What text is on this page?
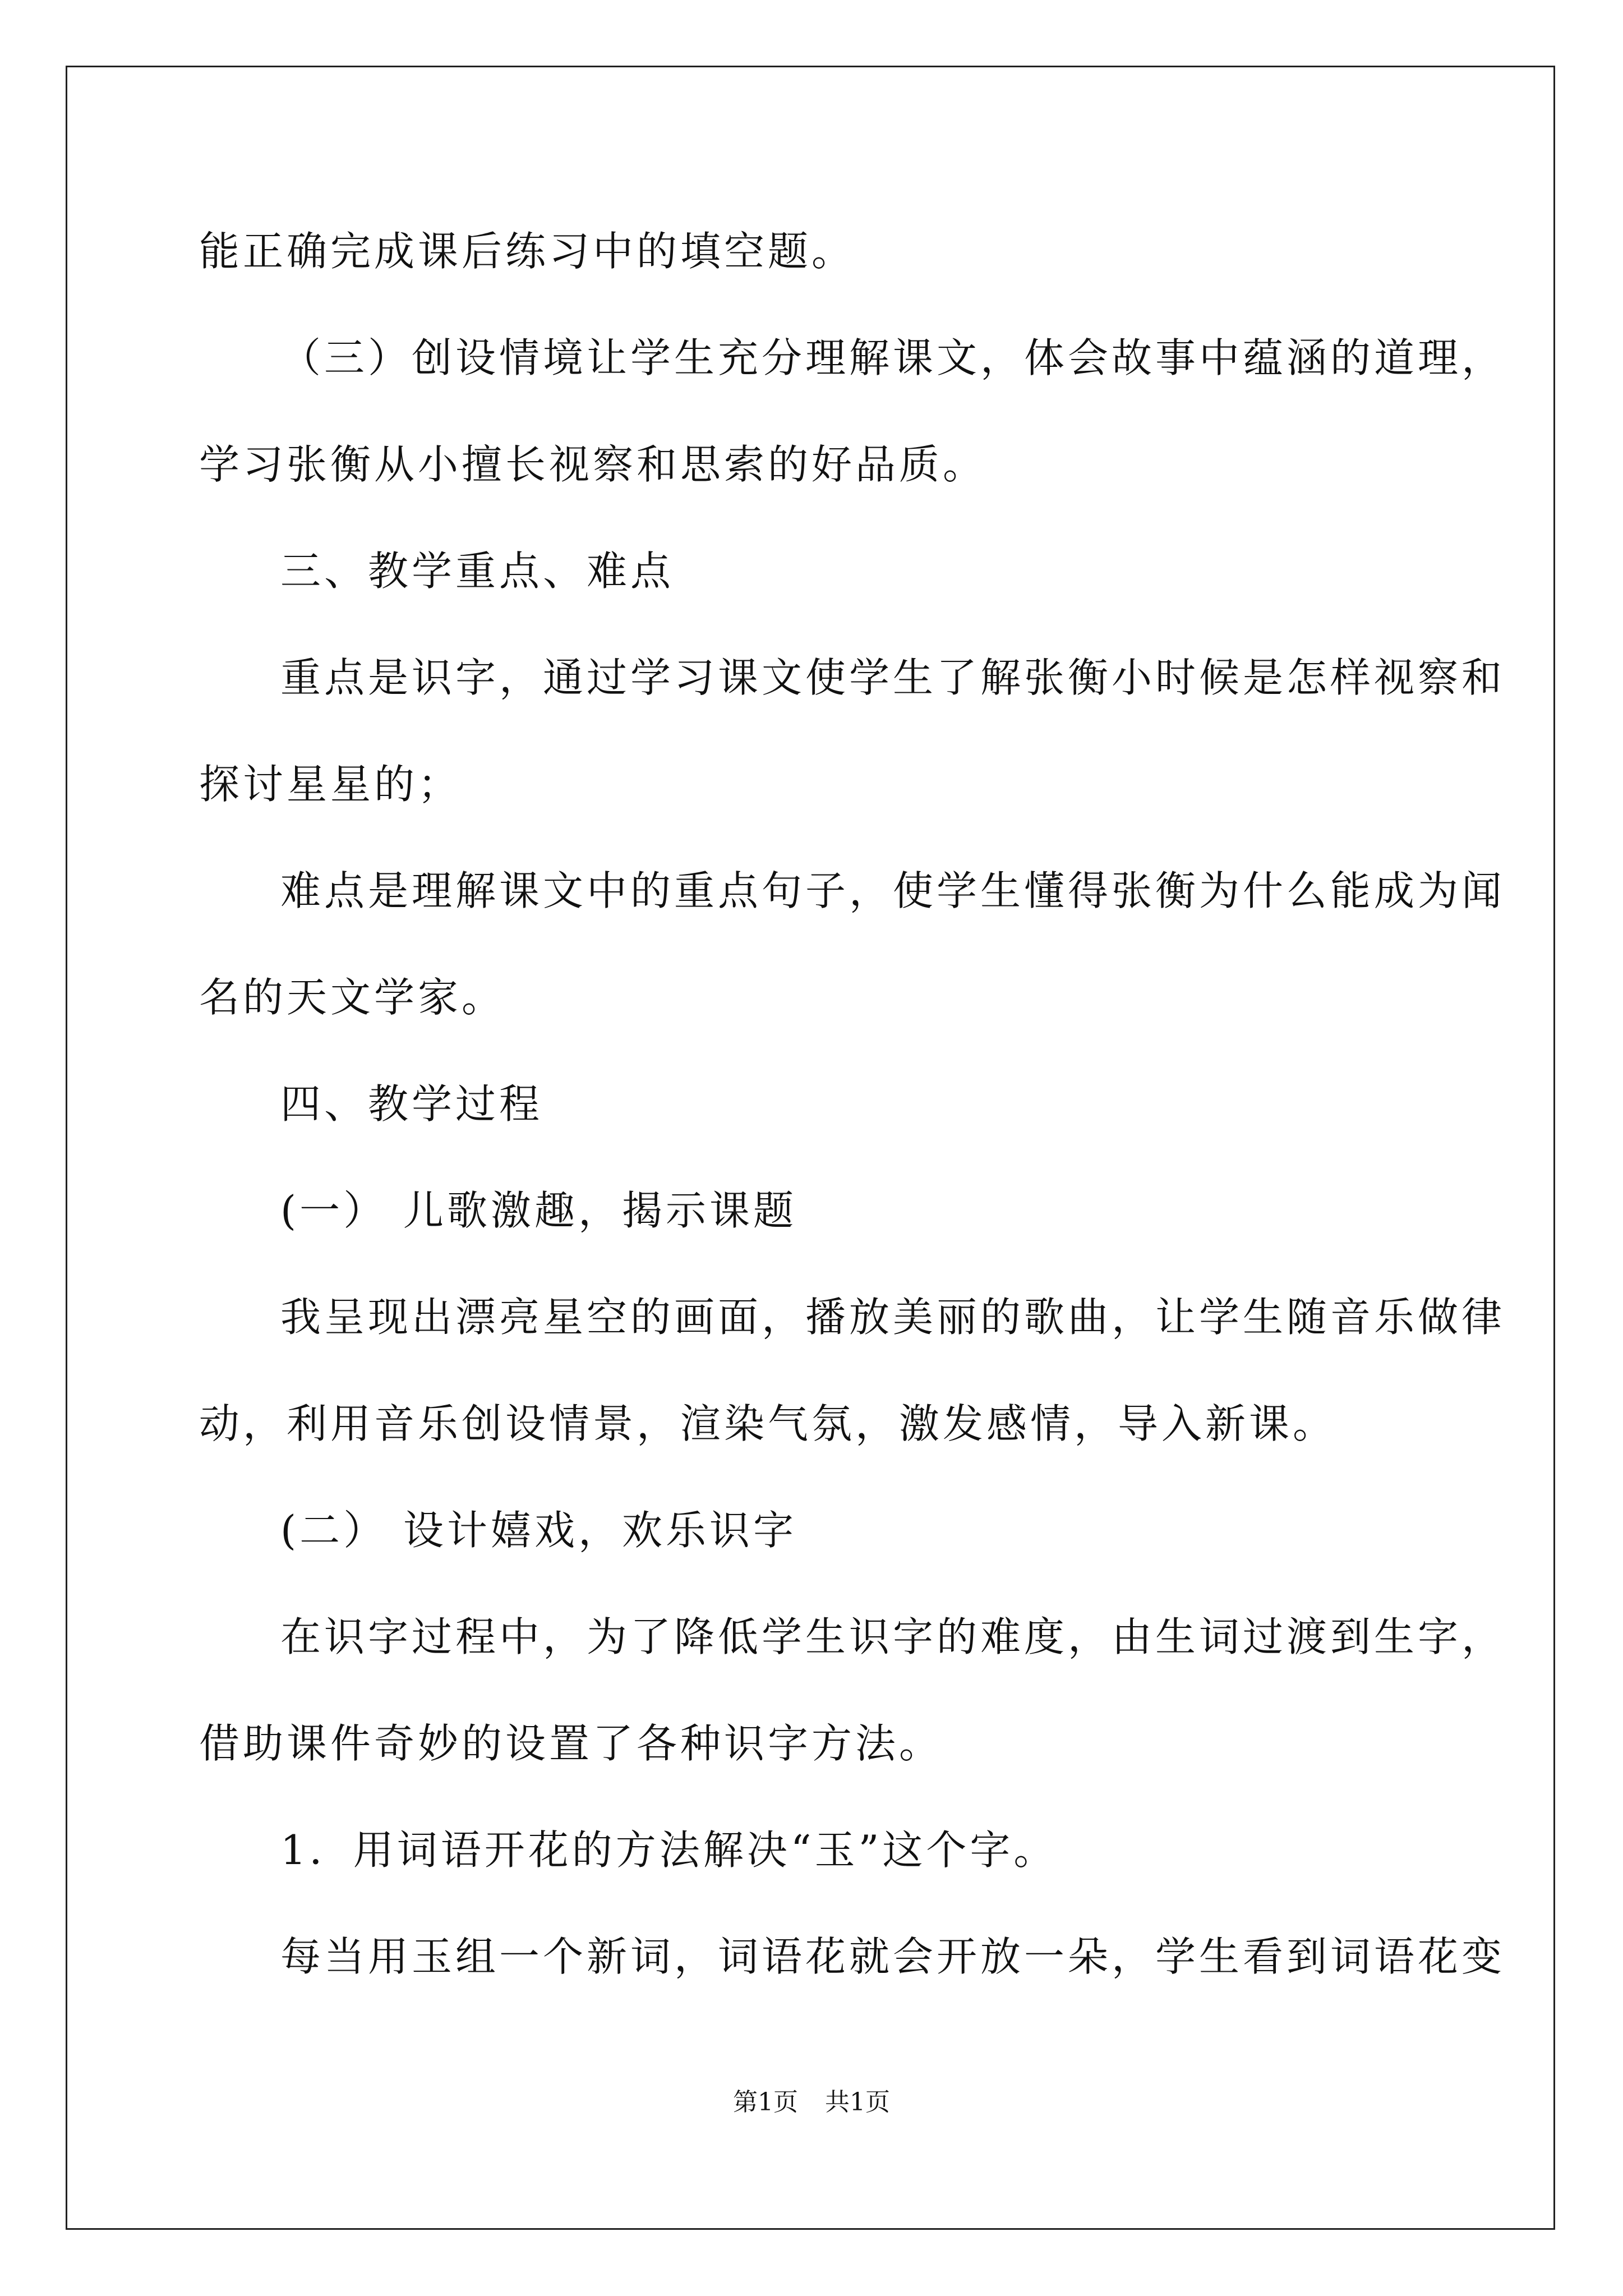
能正确完成课后练习中的填空题。
（三）创设情境让学生充分理解课文，体会故事中蕴涵的道理，
学习张衡从小擅长视察和思索的好品质。
三、教学重点、难点
重点是识字，通过学习课文使学生了解张衡小时候是怎样视察和
探讨星星的；
难点是理解课文中的重点句子，使学生懂得张衡为什么能成为闻
名的天文学家。
四、教学过程
(一） 儿歌激趣，揭示课题
我呈现出漂亮星空的画面，播放美丽的歌曲，让学生随音乐做律
动，利用音乐创设情景，渲染气氛，激发感情，导入新课。
(二） 设计嬉戏，欢乐识字
在识字过程中，为了降低学生识字的难度，由生词过渡到生字，
借助课件奇妙的设置了各种识字方法。
1．用词语开花的方法解决“玉”这个字。
每当用玉组一个新词，词语花就会开放一朵，学生看到词语花变
第1页 共1页
